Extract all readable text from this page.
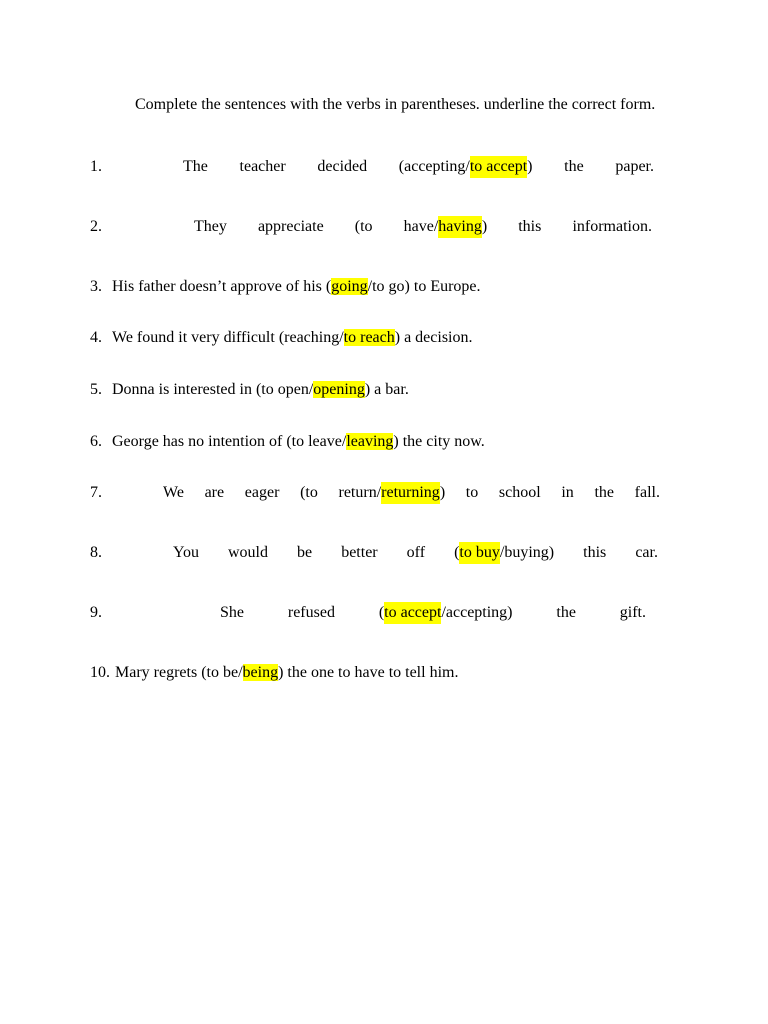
Complete the sentences with the verbs in parentheses. underline the correct form.

1.	The teacher decided (accepting/to accept) the paper.
2.	They appreciate (to have/having) this information.
3. His father doesn’t approve of his (going/to go) to Europe.
4. We found it very difficult (reaching/to reach) a decision.
5. Donna is interested in (to open/opening) a bar.
6. George has no intention of (to leave/leaving) the city now.
7.	We are eager (to return/returning) to school in the fall.
8.	You would be better off (to buy/buying) this car.
9.	She	refused	(to accept/accepting)	the	gift.
10. Mary regrets (to be/being) the one to have to tell him.
